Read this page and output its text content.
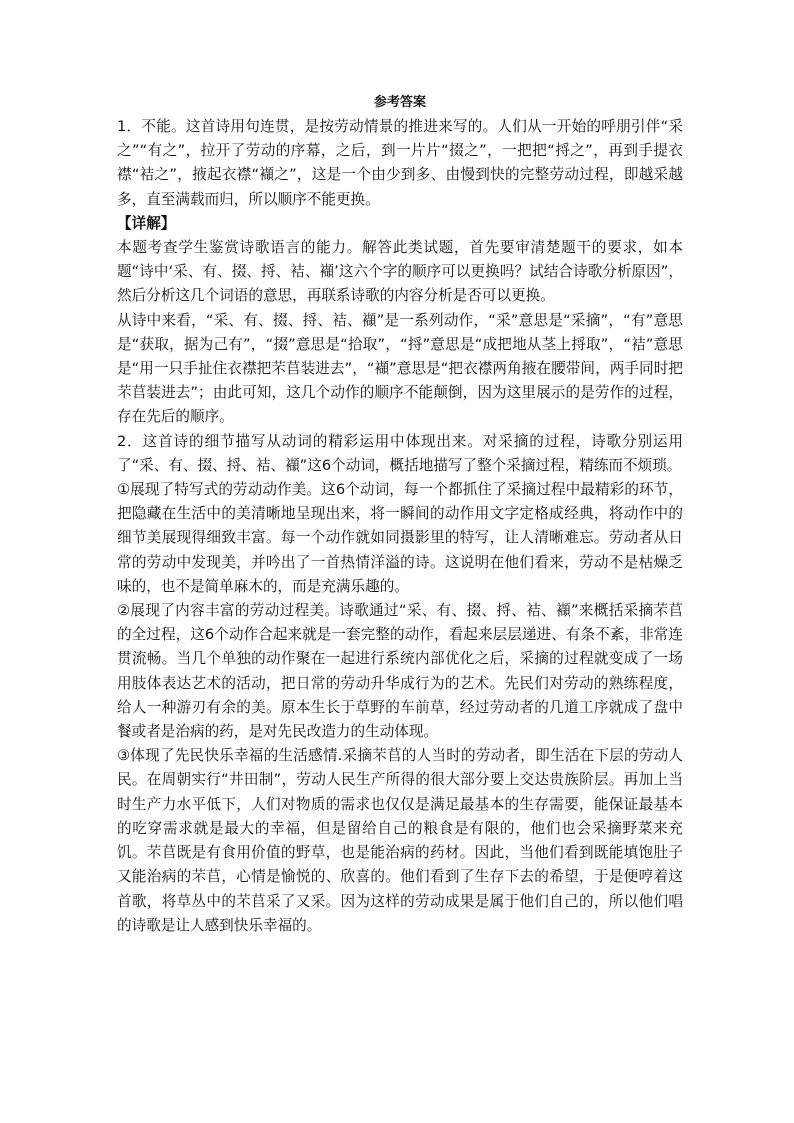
参考答案

1．不能。这首诗用句连贯，是按劳动情景的推进来写的。人们从一开始的呼朋引伴“采之”“有之”，拉开了劳动的序幕，之后，到一片片“掇之”，一把把“捋之”，再到手提衣襟“袺之”，掖起衣襟“襭之”，这是一个由少到多、由慢到快的完整劳动过程，即越采越多，直至满载而归，所以顺序不能更换。

【详解】

本题考查学生鉴赏诗歌语言的能力。解答此类试题，首先要审清楚题干的要求，如本题“诗中‘采、有、掇、捋、袺、襭’这六个字的顺序可以更换吗？试结合诗歌分析原因”，然后分析这几个词语的意思，再联系诗歌的内容分析是否可以更换。

从诗中来看，“采、有、掇、捋、袺、襭”是一系列动作，“采”意思是“采摘”，“有”意思是“获取，据为己有”，“掇”意思是“拾取”，“捋”意思是“成把地从茎上捋取”，“袺”意思是“用一只手扯住衣襟把芣苢装进去”，“襭”意思是“把衣襟两角掖在腰带间，两手同时把芣苢装进去”；由此可知，这几个动作的顺序不能颠倒，因为这里展示的是劳作的过程，存在先后的顺序。

2．这首诗的细节描写从动词的精彩运用中体现出来。对采摘的过程，诗歌分别运用了“采、有、掇、捋、袺、襭”这6个动词，概括地描写了整个采摘过程，精练而不烦琐。

①展现了特写式的劳动动作美。这6个动词，每一个都抓住了采摘过程中最精彩的环节，把隐藏在生活中的美清晰地呈现出来，将一瞬间的动作用文字定格成经典，将动作中的细节美展现得细致丰富。每一个动作就如同摄影里的特写，让人清晰难忘。劳动者从日常的劳动中发现美，并吟出了一首热情洋溢的诗。这说明在他们看来，劳动不是枯燥乏味的，也不是简单麻木的，而是充满乐趣的。

②展现了内容丰富的劳动过程美。诗歌通过“采、有、掇、捋、袺、襭”来概括采摘芣苢的全过程，这6个动作合起来就是一套完整的动作，看起来层层递进、有条不紊，非常连贯流畅。当几个单独的动作聚在一起进行系统内部优化之后，采摘的过程就变成了一场用肢体表达艺术的活动，把日常的劳动升华成行为的艺术。先民们对劳动的熟练程度，给人一种游刃有余的美。原本生长于草野的车前草，经过劳动者的几道工序就成了盘中餐或者是治病的药，是对先民改造力的生动体现。

③体现了先民快乐幸福的生活感情.采摘芣苢的人当时的劳动者，即生活在下层的劳动人民。在周朝实行“井田制”，劳动人民生产所得的很大部分要上交达贵族阶层。再加上当时生产力水平低下，人们对物质的需求也仅仅是满足最基本的生存需要，能保证最基本的吃穿需求就是最大的幸福，但是留给自己的粮食是有限的，他们也会采摘野菜来充饥。芣苢既是有食用价值的野草，也是能治病的药材。因此，当他们看到既能填饱肚子又能治病的芣苢，心情是愉悦的、欣喜的。他们看到了生存下去的希望，于是便哼着这首歌，将草丛中的芣苢采了又采。因为这样的劳动成果是属于他们自己的，所以他们唱的诗歌是让人感到快乐幸福的。
